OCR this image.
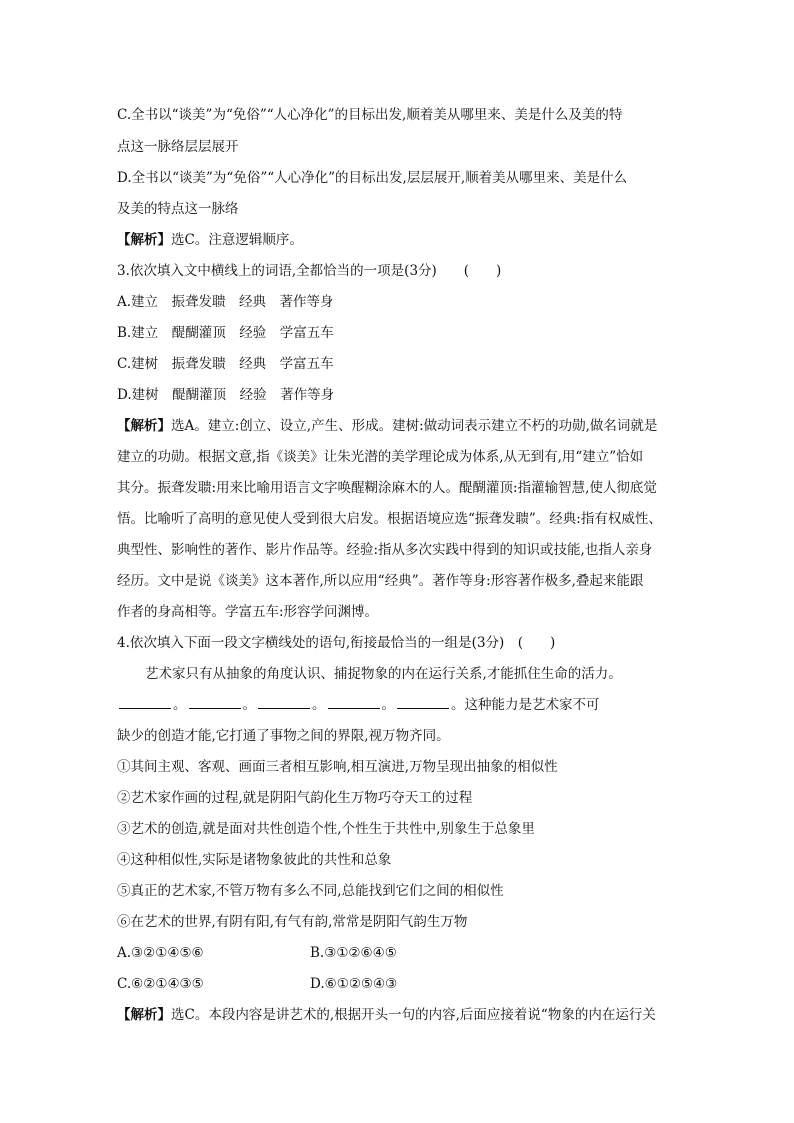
C.全书以“谈美”为“免俗”“人心净化”的目标出发,顺着美从哪里来、美是什么及美的特
点这一脉络层层展开
D.全书以“谈美”为“免俗”“人心净化”的目标出发,层层展开,顺着美从哪里来、美是什么
及美的特点这一脉络
【解析】选C。注意逻辑顺序。
3.依次填入文中横线上的词语,全都恰当的一项是(3分)　　(　　)
A.建立　振聋发聩　经典　著作等身
B.建立　醍醐灌顶　经验　学富五车
C.建树　振聋发聩　经典　学富五车
D.建树　醍醐灌顶　经验　著作等身
【解析】选A。建立:创立、设立,产生、形成。建树:做动词表示建立不朽的功勋,做名词就是
建立的功勋。根据文意,指《谈美》让朱光潜的美学理论成为体系,从无到有,用“建立”恰如
其分。振聋发聩:用来比喻用语言文字唤醒糊涂麻木的人。醍醐灌顶:指灌输智慧,使人彻底觉
悟。比喻听了高明的意见使人受到很大启发。根据语境应选“振聋发聩”。经典:指有权威性、
典型性、影响性的著作、影片作品等。经验:指从多次实践中得到的知识或技能,也指人亲身
经历。文中是说《谈美》这本著作,所以应用“经典”。著作等身:形容著作极多,叠起来能跟
作者的身高相等。学富五车:形容学问渊博。
4.依次填入下面一段文字横线处的语句,衔接最恰当的一组是(3分)　(　　)
艺术家只有从抽象的角度认识、捕捉物象的内在运行关系,才能抓住生命的活力。
。	。	。	。	。这种能力是艺术家不可
缺少的创造才能,它打通了事物之间的界限,视万物齐同。
①其间主观、客观、画面三者相互影响,相互演进,万物呈现出抽象的相似性
②艺术家作画的过程,就是阴阳气韵化生万物巧夺天工的过程
③艺术的创造,就是面对共性创造个性,个性生于共性中,别象生于总象里
④这种相似性,实际是诸物象彼此的共性和总象
⑤真正的艺术家,不管万物有多么不同,总能找到它们之间的相似性
⑥在艺术的世界,有阴有阳,有气有韵,常常是阴阳气韵生万物
A.③②①④⑤⑥	B.③①②⑥④⑤
C.⑥②①④③⑤	D.⑥①②⑤④③
【解析】选C。本段内容是讲艺术的,根据开头一句的内容,后面应接着说“物象的内在运行关
